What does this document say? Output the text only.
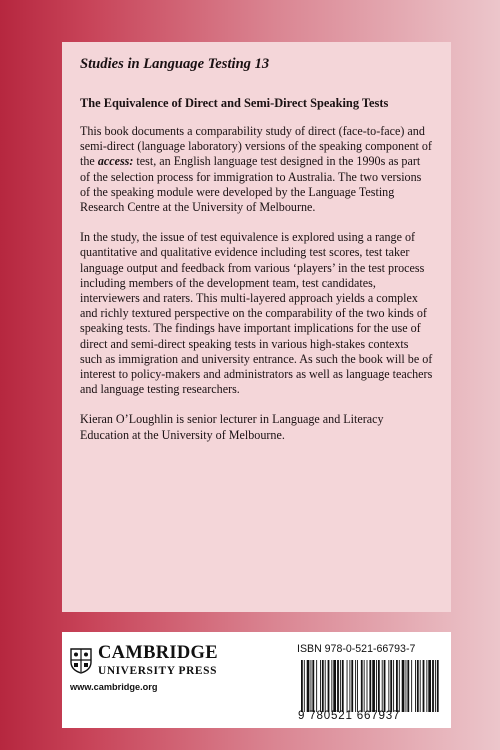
Studies in Language Testing 13
The Equivalence of Direct and Semi-Direct Speaking Tests

This book documents a comparability study of direct (face-to-face) and semi-direct (language laboratory) versions of the speaking component of the access: test, an English language test designed in the 1990s as part of the selection process for immigration to Australia. The two versions of the speaking module were developed by the Language Testing Research Centre at the University of Melbourne.

In the study, the issue of test equivalence is explored using a range of quantitative and qualitative evidence including test scores, test taker language output and feedback from various ‘players’ in the test process including members of the development team, test candidates, interviewers and raters. This multi-layered approach yields a complex and richly textured perspective on the comparability of the two kinds of speaking tests. The findings have important implications for the use of direct and semi-direct speaking tests in various high-stakes contexts such as immigration and university entrance. As such the book will be of interest to policy-makers and administrators as well as language teachers and language testing researchers.

Kieran O’Loughlin is senior lecturer in Language and Literacy Education at the University of Melbourne.

CAMBRIDGE
UNIVERSITY PRESS
www.cambridge.org
ISBN 978-0-521-66793-7
9 780521 667937
